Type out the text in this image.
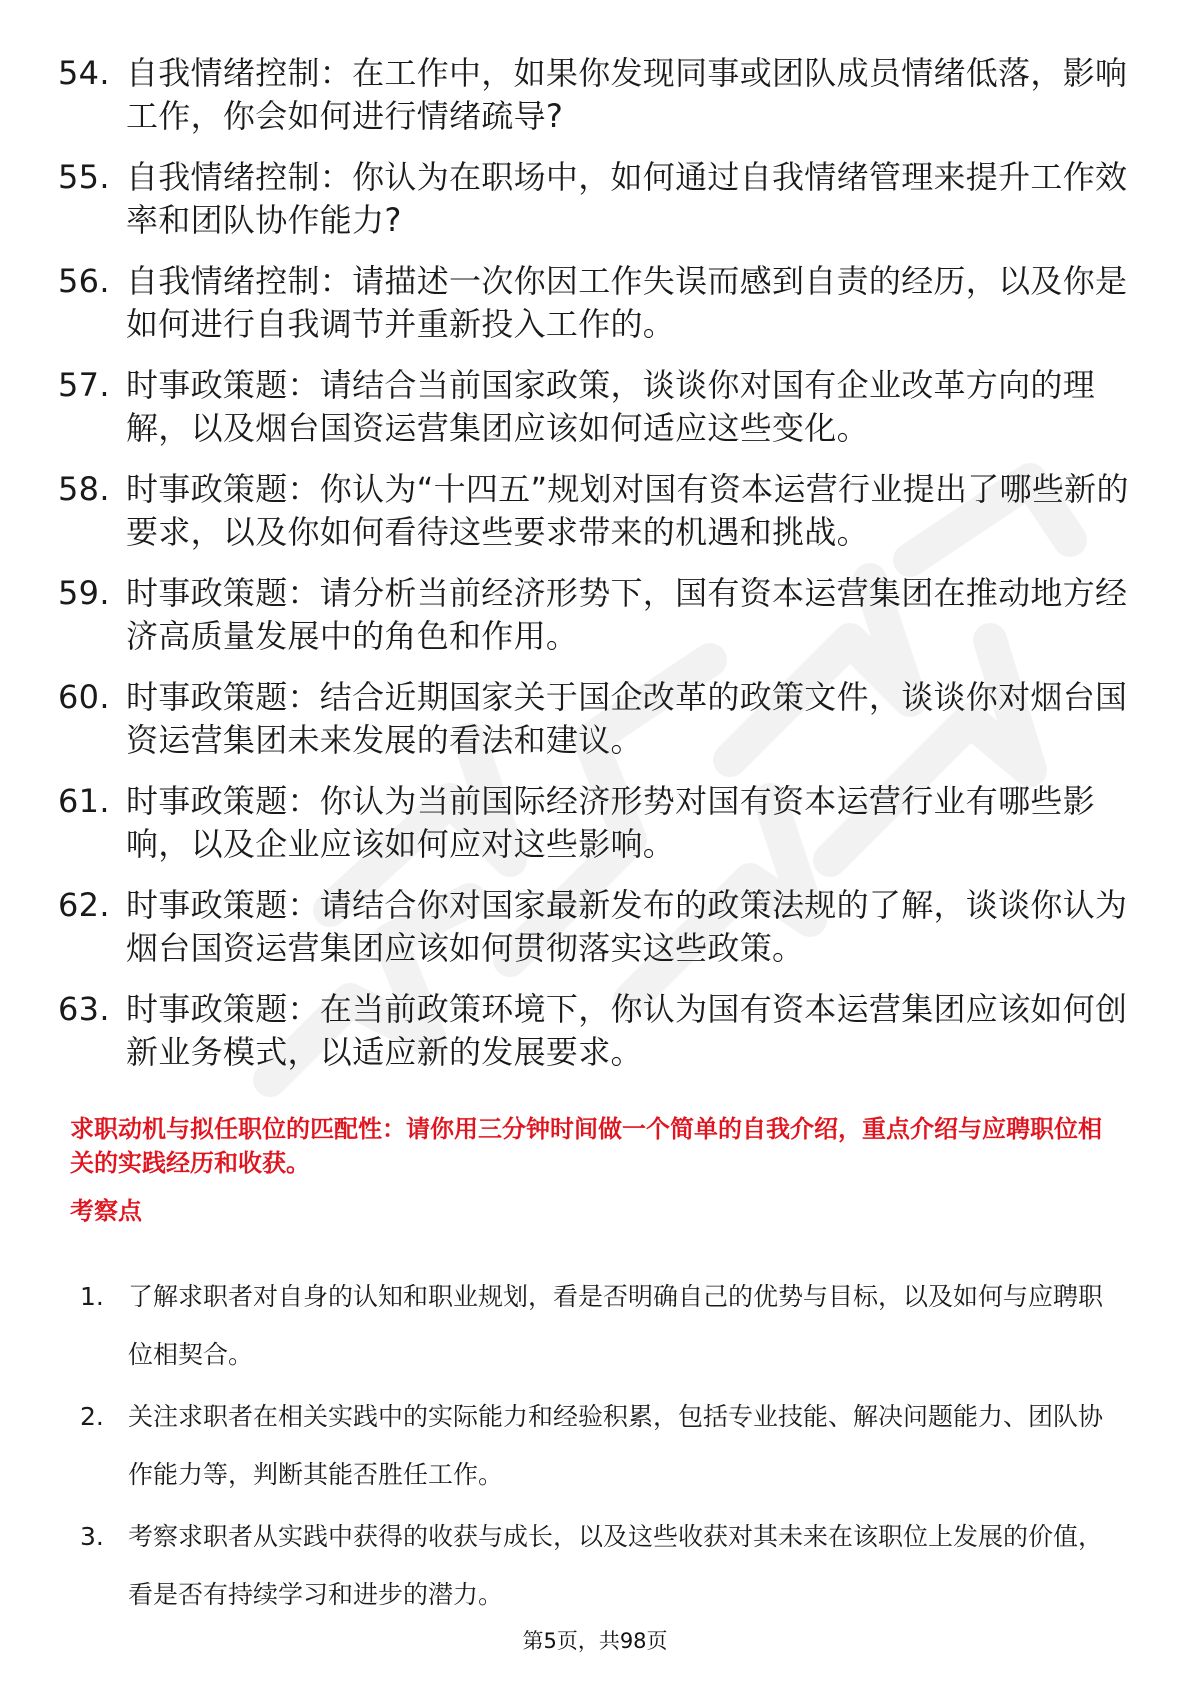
54. 自我情绪控制：在工作中，如果你发现同事或团队成员情绪低落，影响工作，你会如何进行情绪疏导?
55. 自我情绪控制：你认为在职场中，如何通过自我情绪管理来提升工作效率和团队协作能力?
56. 自我情绪控制：请描述一次你因工作失误而感到自责的经历，以及你是如何进行自我调节并重新投入工作的。
57. 时事政策题：请结合当前国家政策，谈谈你对国有企业改革方向的理解，以及烟台国资运营集团应该如何适应这些变化。
58. 时事政策题：你认为“十四五”规划对国有资本运营行业提出了哪些新的要求，以及你如何看待这些要求带来的机遇和挑战。
59. 时事政策题：请分析当前经济形势下，国有资本运营集团在推动地方经济高质量发展中的角色和作用。
60. 时事政策题：结合近期国家关于国企改革的政策文件，谈谈你对烟台国资运营集团未来发展的看法和建议。
61. 时事政策题：你认为当前国际经济形势对国有资本运营行业有哪些影响，以及企业应该如何应对这些影响。
62. 时事政策题：请结合你对国家最新发布的政策法规的了解，谈谈你认为烟台国资运营集团应该如何贯彻落实这些政策。
63. 时事政策题：在当前政策环境下，你认为国有资本运营集团应该如何创新业务模式，以适应新的发展要求。

求职动机与拟任职位的匹配性：请你用三分钟时间做一个简单的自我介绍，重点介绍与应聘职位相关的实践经历和收获。

考察点

1. 了解求职者对自身的认知和职业规划，看是否明确自己的优势与目标，以及如何与应聘职位相契合。
2. 关注求职者在相关实践中的实际能力和经验积累，包括专业技能、解决问题能力、团队协作能力等，判断其能否胜任工作。
3. 考察求职者从实践中获得的收获与成长，以及这些收获对其未来在该职位上发展的价值，看是否有持续学习和进步的潜力。
第5页，共98页
